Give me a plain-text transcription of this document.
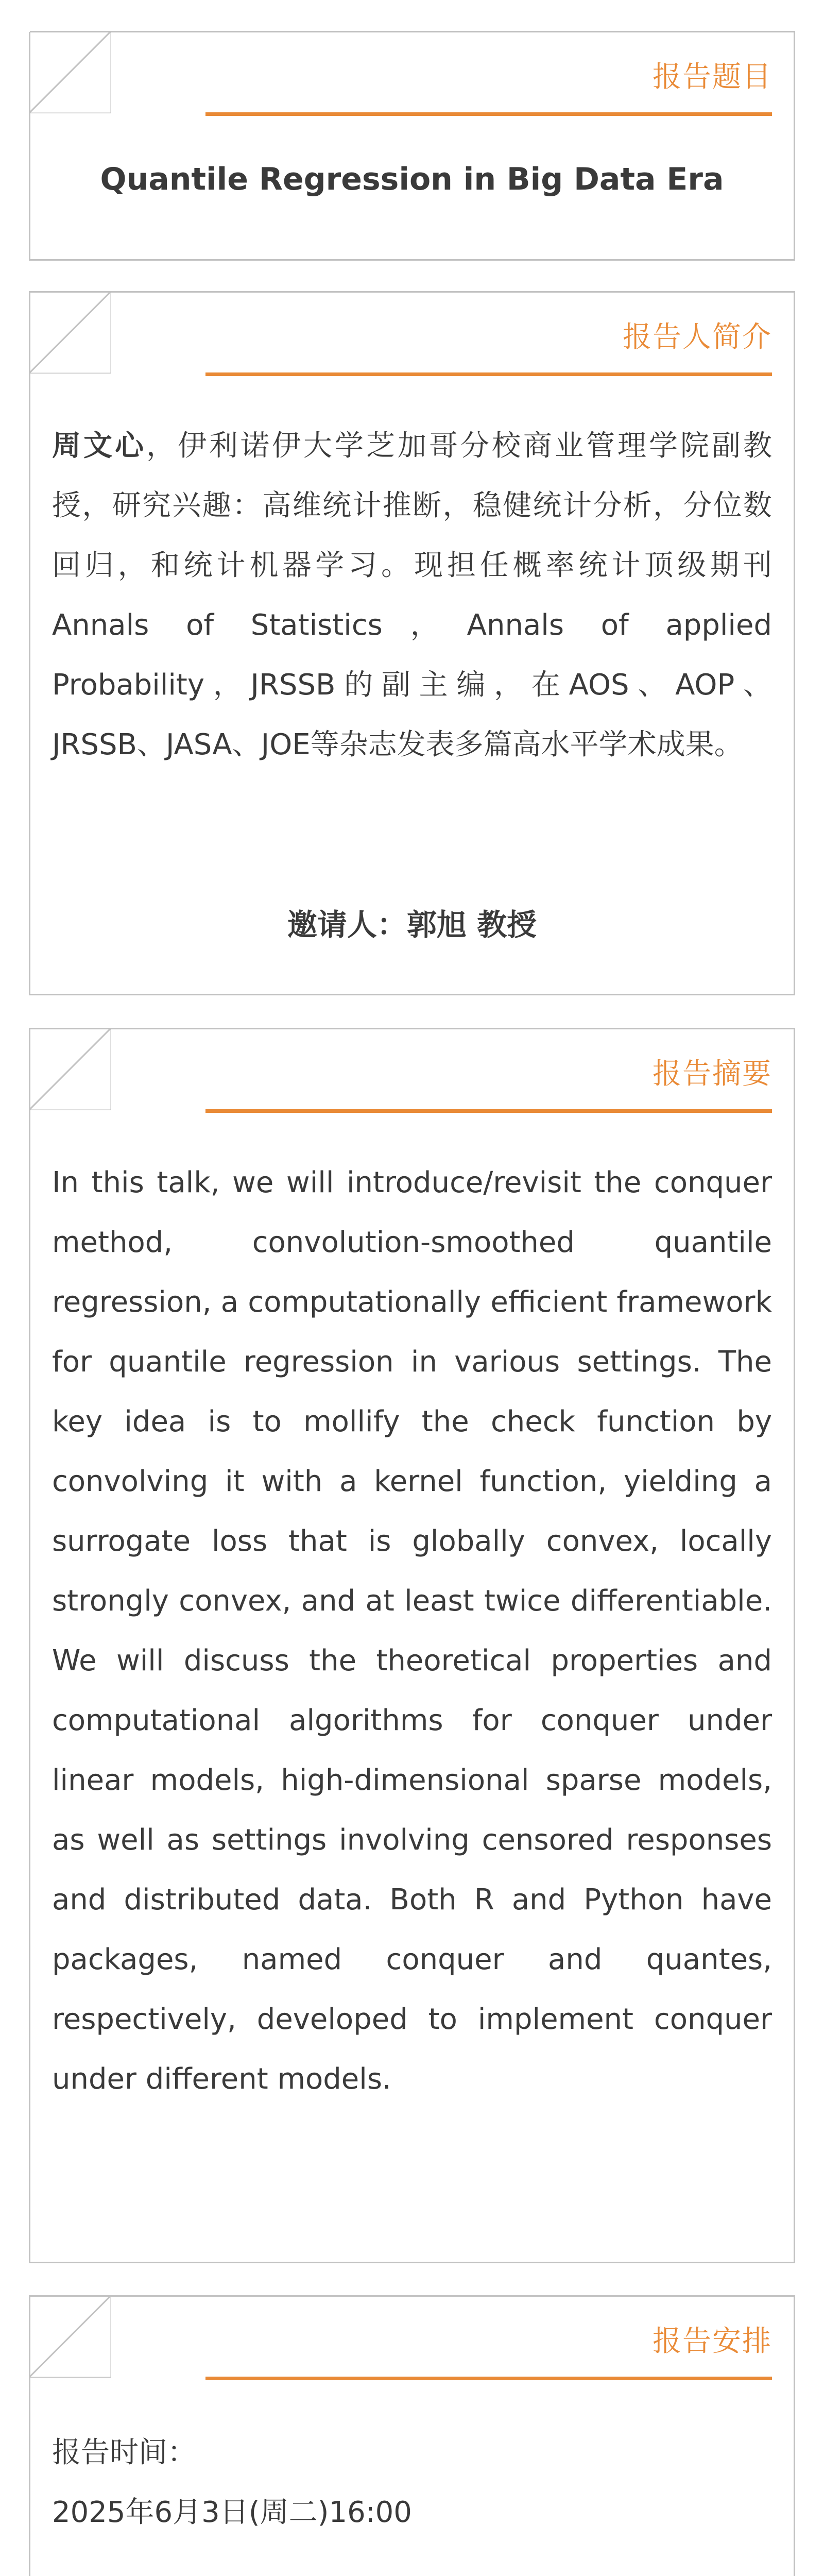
报告题目
Quantile Regression in Big Data Era
报告人简介
周文心，伊利诺伊大学芝加哥分校商业管理学院副教授，研究兴趣：高维统计推断，稳健统计分析，分位数回归，和统计机器学习。现担任概率统计顶级期刊Annals of Statistics，Annals of applied Probability，JRSSB的副主编，在AOS、AOP、JRSSB、JASA、JOE等杂志发表多篇高水平学术成果。
邀请人：郭旭 教授
报告摘要
In this talk, we will introduce/revisit the conquer method, convolution-smoothed quantile regression, a computationally efficient framework for quantile regression in various settings. The key idea is to mollify the check function by convolving it with a kernel function, yielding a surrogate loss that is globally convex, locally strongly convex, and at least twice differentiable. We will discuss the theoretical properties and computational algorithms for conquer under linear models, high-dimensional sparse models, as well as settings involving censored responses and distributed data. Both R and Python have packages, named conquer and quantes, respectively, developed to implement conquer under different models.
报告安排
报告时间：
2025年6月3日(周二)16:00
